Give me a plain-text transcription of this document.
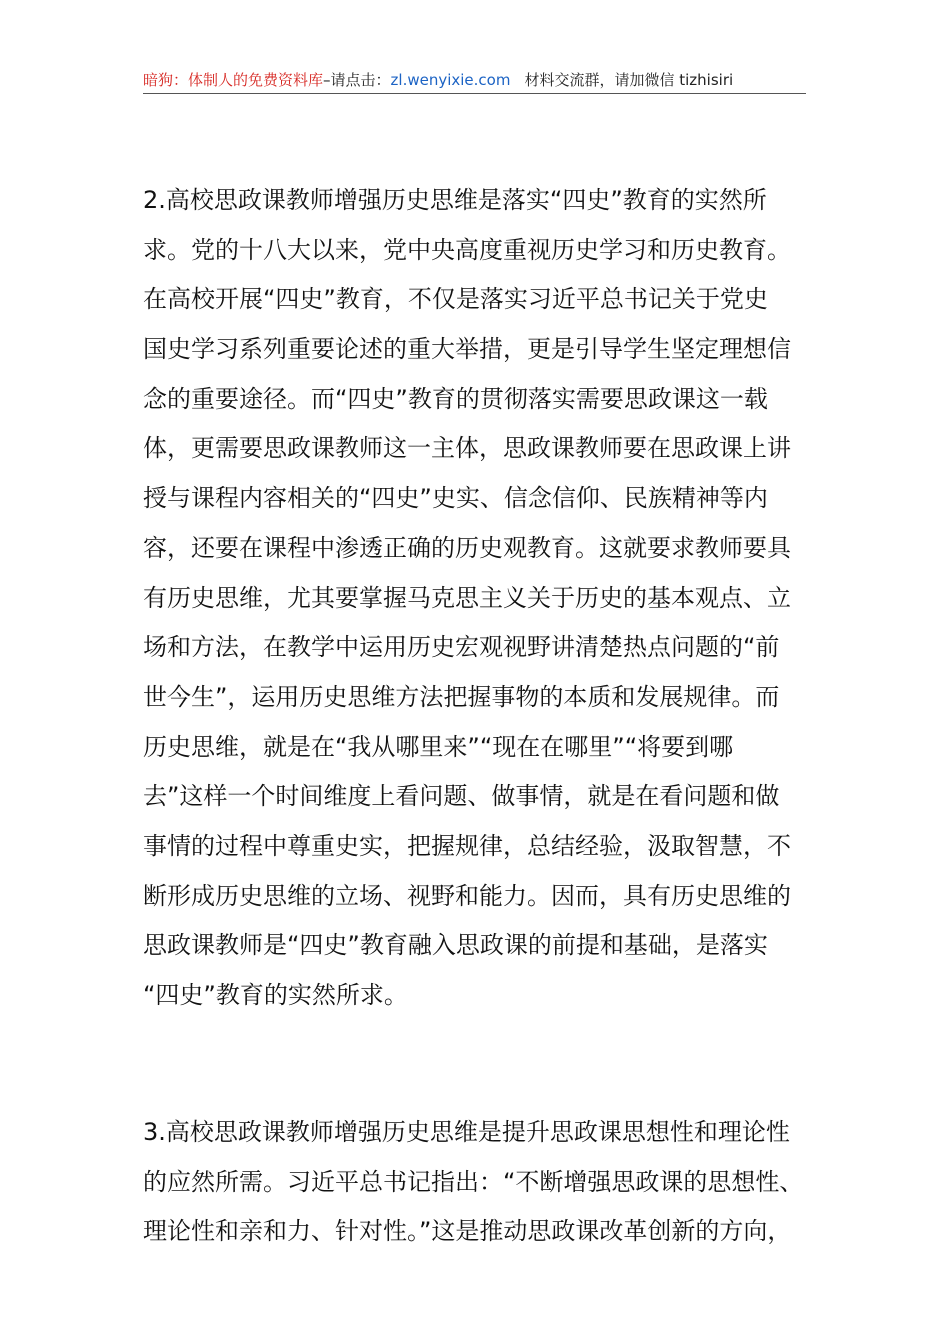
暗狗：体制人的免费资料库–请点击：zl.wenyixie.com 材料交流群，请加微信 tizhisiri
2.高校思政课教师增强历史思维是落实“四史”教育的实然所
求。党的十八大以来，党中央高度重视历史学习和历史教育。
在高校开展“四史”教育，不仅是落实习近平总书记关于党史
国史学习系列重要论述的重大举措，更是引导学生坚定理想信
念的重要途径。而“四史”教育的贯彻落实需要思政课这一载
体，更需要思政课教师这一主体，思政课教师要在思政课上讲
授与课程内容相关的“四史”史实、信念信仰、民族精神等内
容，还要在课程中渗透正确的历史观教育。这就要求教师要具
有历史思维，尤其要掌握马克思主义关于历史的基本观点、立
场和方法，在教学中运用历史宏观视野讲清楚热点问题的“前
世今生”，运用历史思维方法把握事物的本质和发展规律。而
历史思维，就是在“我从哪里来”“现在在哪里”“将要到哪
去”这样一个时间维度上看问题、做事情，就是在看问题和做
事情的过程中尊重史实，把握规律，总结经验，汲取智慧，不
断形成历史思维的立场、视野和能力。因而，具有历史思维的
思政课教师是“四史”教育融入思政课的前提和基础，是落实
“四史”教育的实然所求。
3.高校思政课教师增强历史思维是提升思政课思想性和理论性
的应然所需。习近平总书记指出：“不断增强思政课的思想性、
理论性和亲和力、针对性。”这是推动思政课改革创新的方向，
